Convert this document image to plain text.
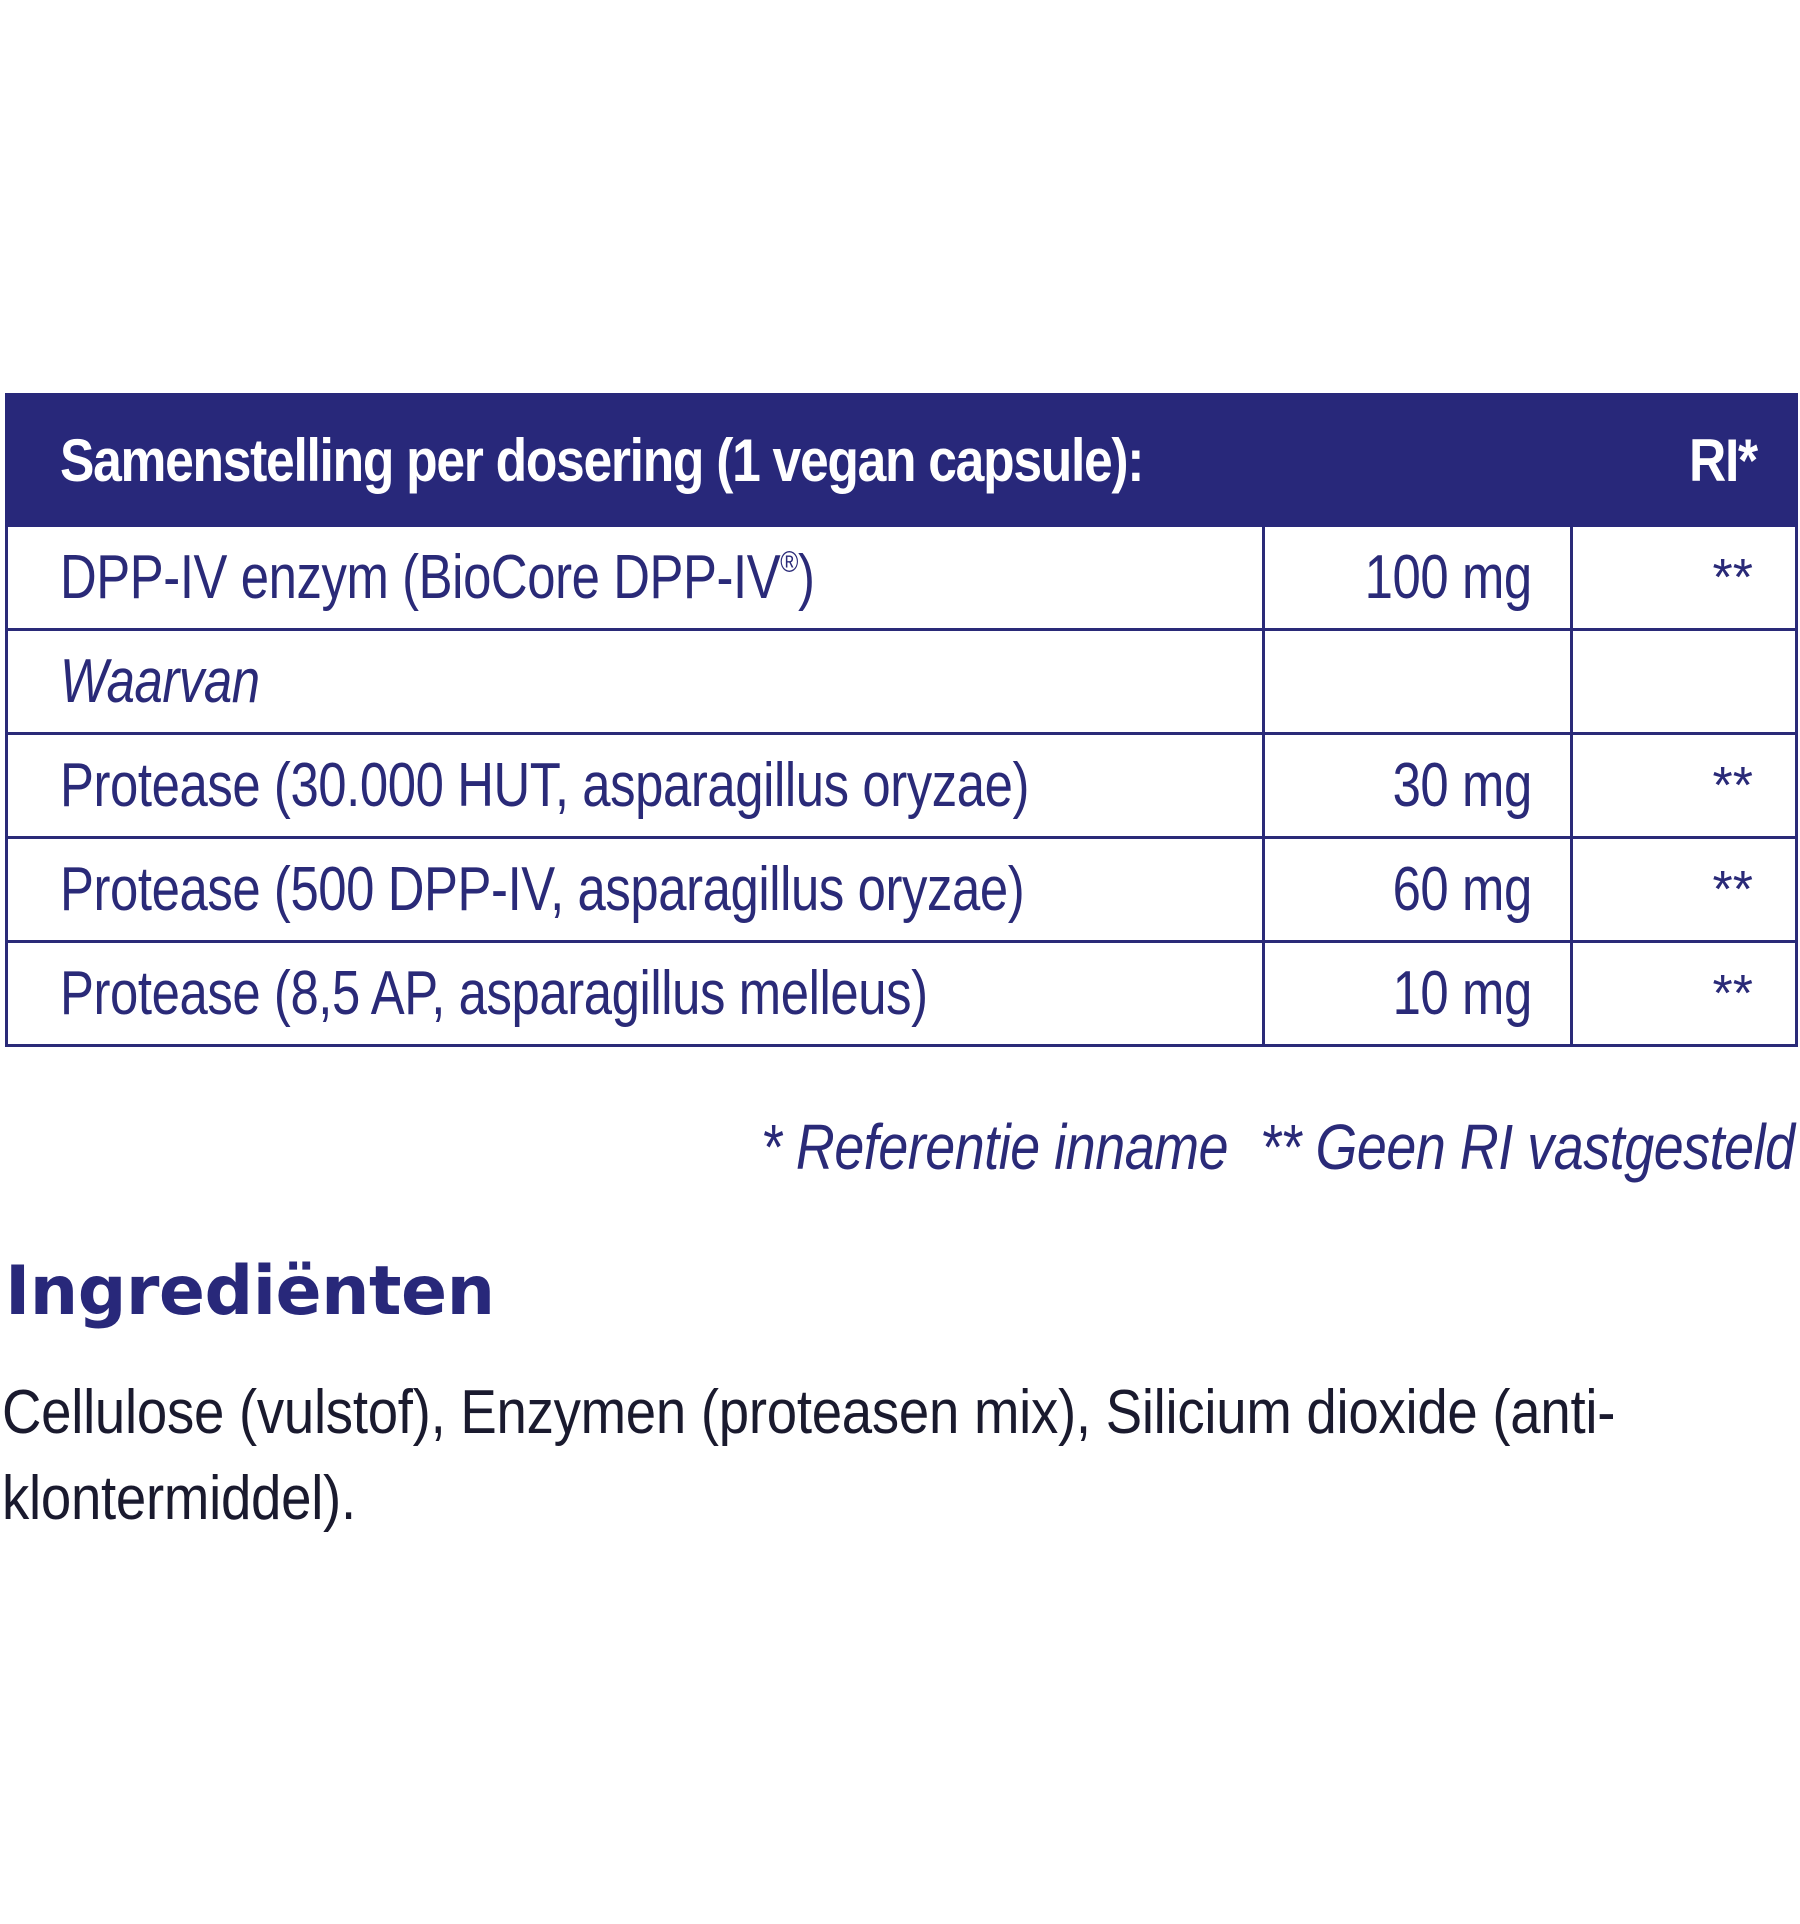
Samenstelling per dosering (1 vegan capsule):		RI*
DPP-IV enzym (BioCore DPP-IV®)	100 mg	**
Waarvan		
Protease (30.000 HUT, asparagillus oryzae)	30 mg	**
Protease (500 DPP-IV, asparagillus oryzae)	60 mg	**
Protease (8,5 AP, asparagillus melleus)	10 mg	**
* Referentie inname ** Geen RI vastgesteld
Ingrediënten

Cellulose (vulstof), Enzymen (proteasen mix), Silicium dioxide (anti-klontermiddel).
